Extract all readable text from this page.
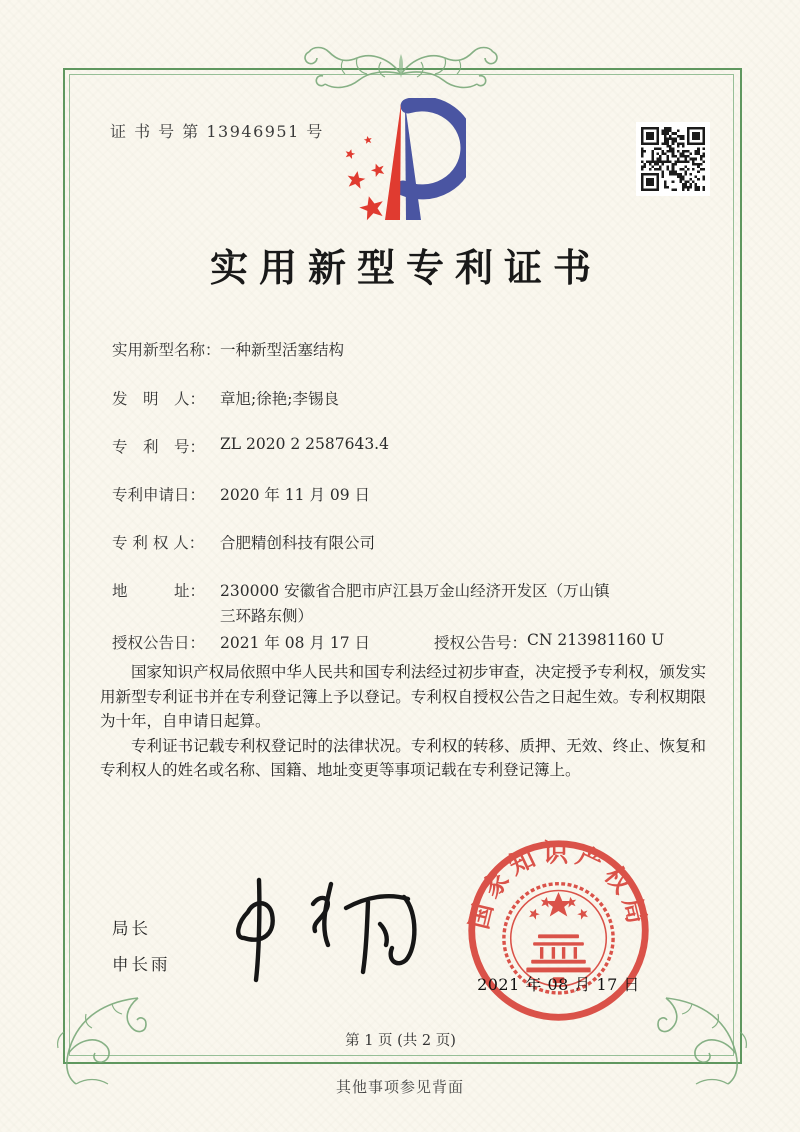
证 书 号 第 13946951 号
实用新型专利证书
实用新型名称： 一种新型活塞结构
发　明　人： 章旭;徐艳;李锡良
专　利　号： ZL 2020 2 2587643.4
专利申请日： 2020 年 11 月 09 日
专 利 权 人：	合肥精创科技有限公司
地　　　址： 230000 安徽省合肥市庐江县万金山经济开发区（万山镇三环路东侧）
授权公告日： 2021 年 08 月 17 日	授权公告号： CN 213981160 U

国家知识产权局依照中华人民共和国专利法经过初步审查，决定授予专利权，颁发实用新型专利证书并在专利登记簿上予以登记。专利权自授权公告之日起生效。专利权期限为十年，自申请日起算。

专利证书记载专利权登记时的法律状况。专利权的转移、质押、无效、终止、恢复和专利权人的姓名或名称、国籍、地址变更等事项记载在专利登记簿上。

局长
申长雨
国家知识产权局
2021 年 08 月 17 日
第 1 页 (共 2 页)
其他事项参见背面
